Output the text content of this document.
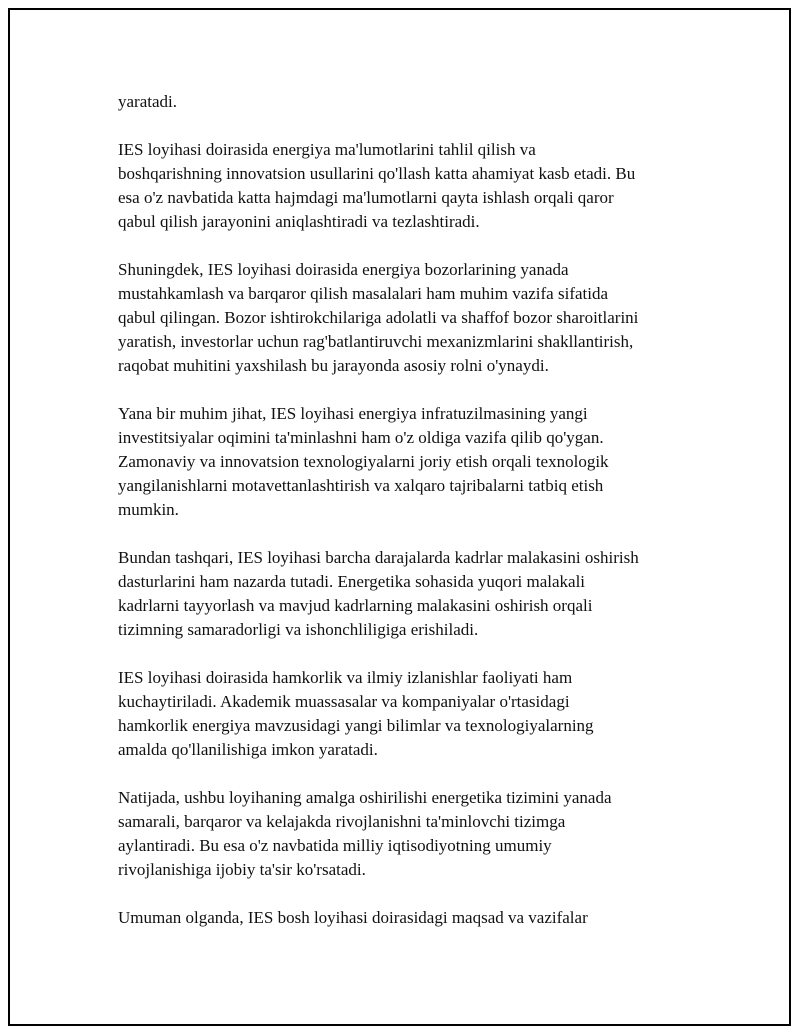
yaratadi.

IES loyihasi doirasida energiya ma'lumotlarini tahlil qilish va
boshqarishning innovatsion usullarini qo'llash katta ahamiyat kasb etadi. Bu
esa o'z navbatida katta hajmdagi ma'lumotlarni qayta ishlash orqali qaror
qabul qilish jarayonini aniqlashtiradi va tezlashtiradi.

Shuningdek, IES loyihasi doirasida energiya bozorlarining yanada
mustahkamlash va barqaror qilish masalalari ham muhim vazifa sifatida
qabul qilingan. Bozor ishtirokchilariga adolatli va shaffof bozor sharoitlarini
yaratish, investorlar uchun rag'batlantiruvchi mexanizmlarini shakllantirish,
raqobat muhitini yaxshilash bu jarayonda asosiy rolni o'ynaydi.

Yana bir muhim jihat, IES loyihasi energiya infratuzilmasining yangi
investitsiyalar oqimini ta'minlashni ham o'z oldiga vazifa qilib qo'ygan.
Zamonaviy va innovatsion texnologiyalarni joriy etish orqali texnologik
yangilanishlarni motavettanlashtirish va xalqaro tajribalarni tatbiq etish
mumkin.

Bundan tashqari, IES loyihasi barcha darajalarda kadrlar malakasini oshirish
dasturlarini ham nazarda tutadi. Energetika sohasida yuqori malakali
kadrlarni tayyorlash va mavjud kadrlarning malakasini oshirish orqali
tizimning samaradorligi va ishonchliligiga erishiladi.

IES loyihasi doirasida hamkorlik va ilmiy izlanishlar faoliyati ham
kuchaytiriladi. Akademik muassasalar va kompaniyalar o'rtasidagi
hamkorlik energiya mavzusidagi yangi bilimlar va texnologiyalarning
amalda qo'llanilishiga imkon yaratadi.

Natijada, ushbu loyihaning amalga oshirilishi energetika tizimini yanada
samarali, barqaror va kelajakda rivojlanishni ta'minlovchi tizimga
aylantiradi. Bu esa o'z navbatida milliy iqtisodiyotning umumiy
rivojlanishiga ijobiy ta'sir ko'rsatadi.

Umuman olganda, IES bosh loyihasi doirasidagi maqsad va vazifalar
